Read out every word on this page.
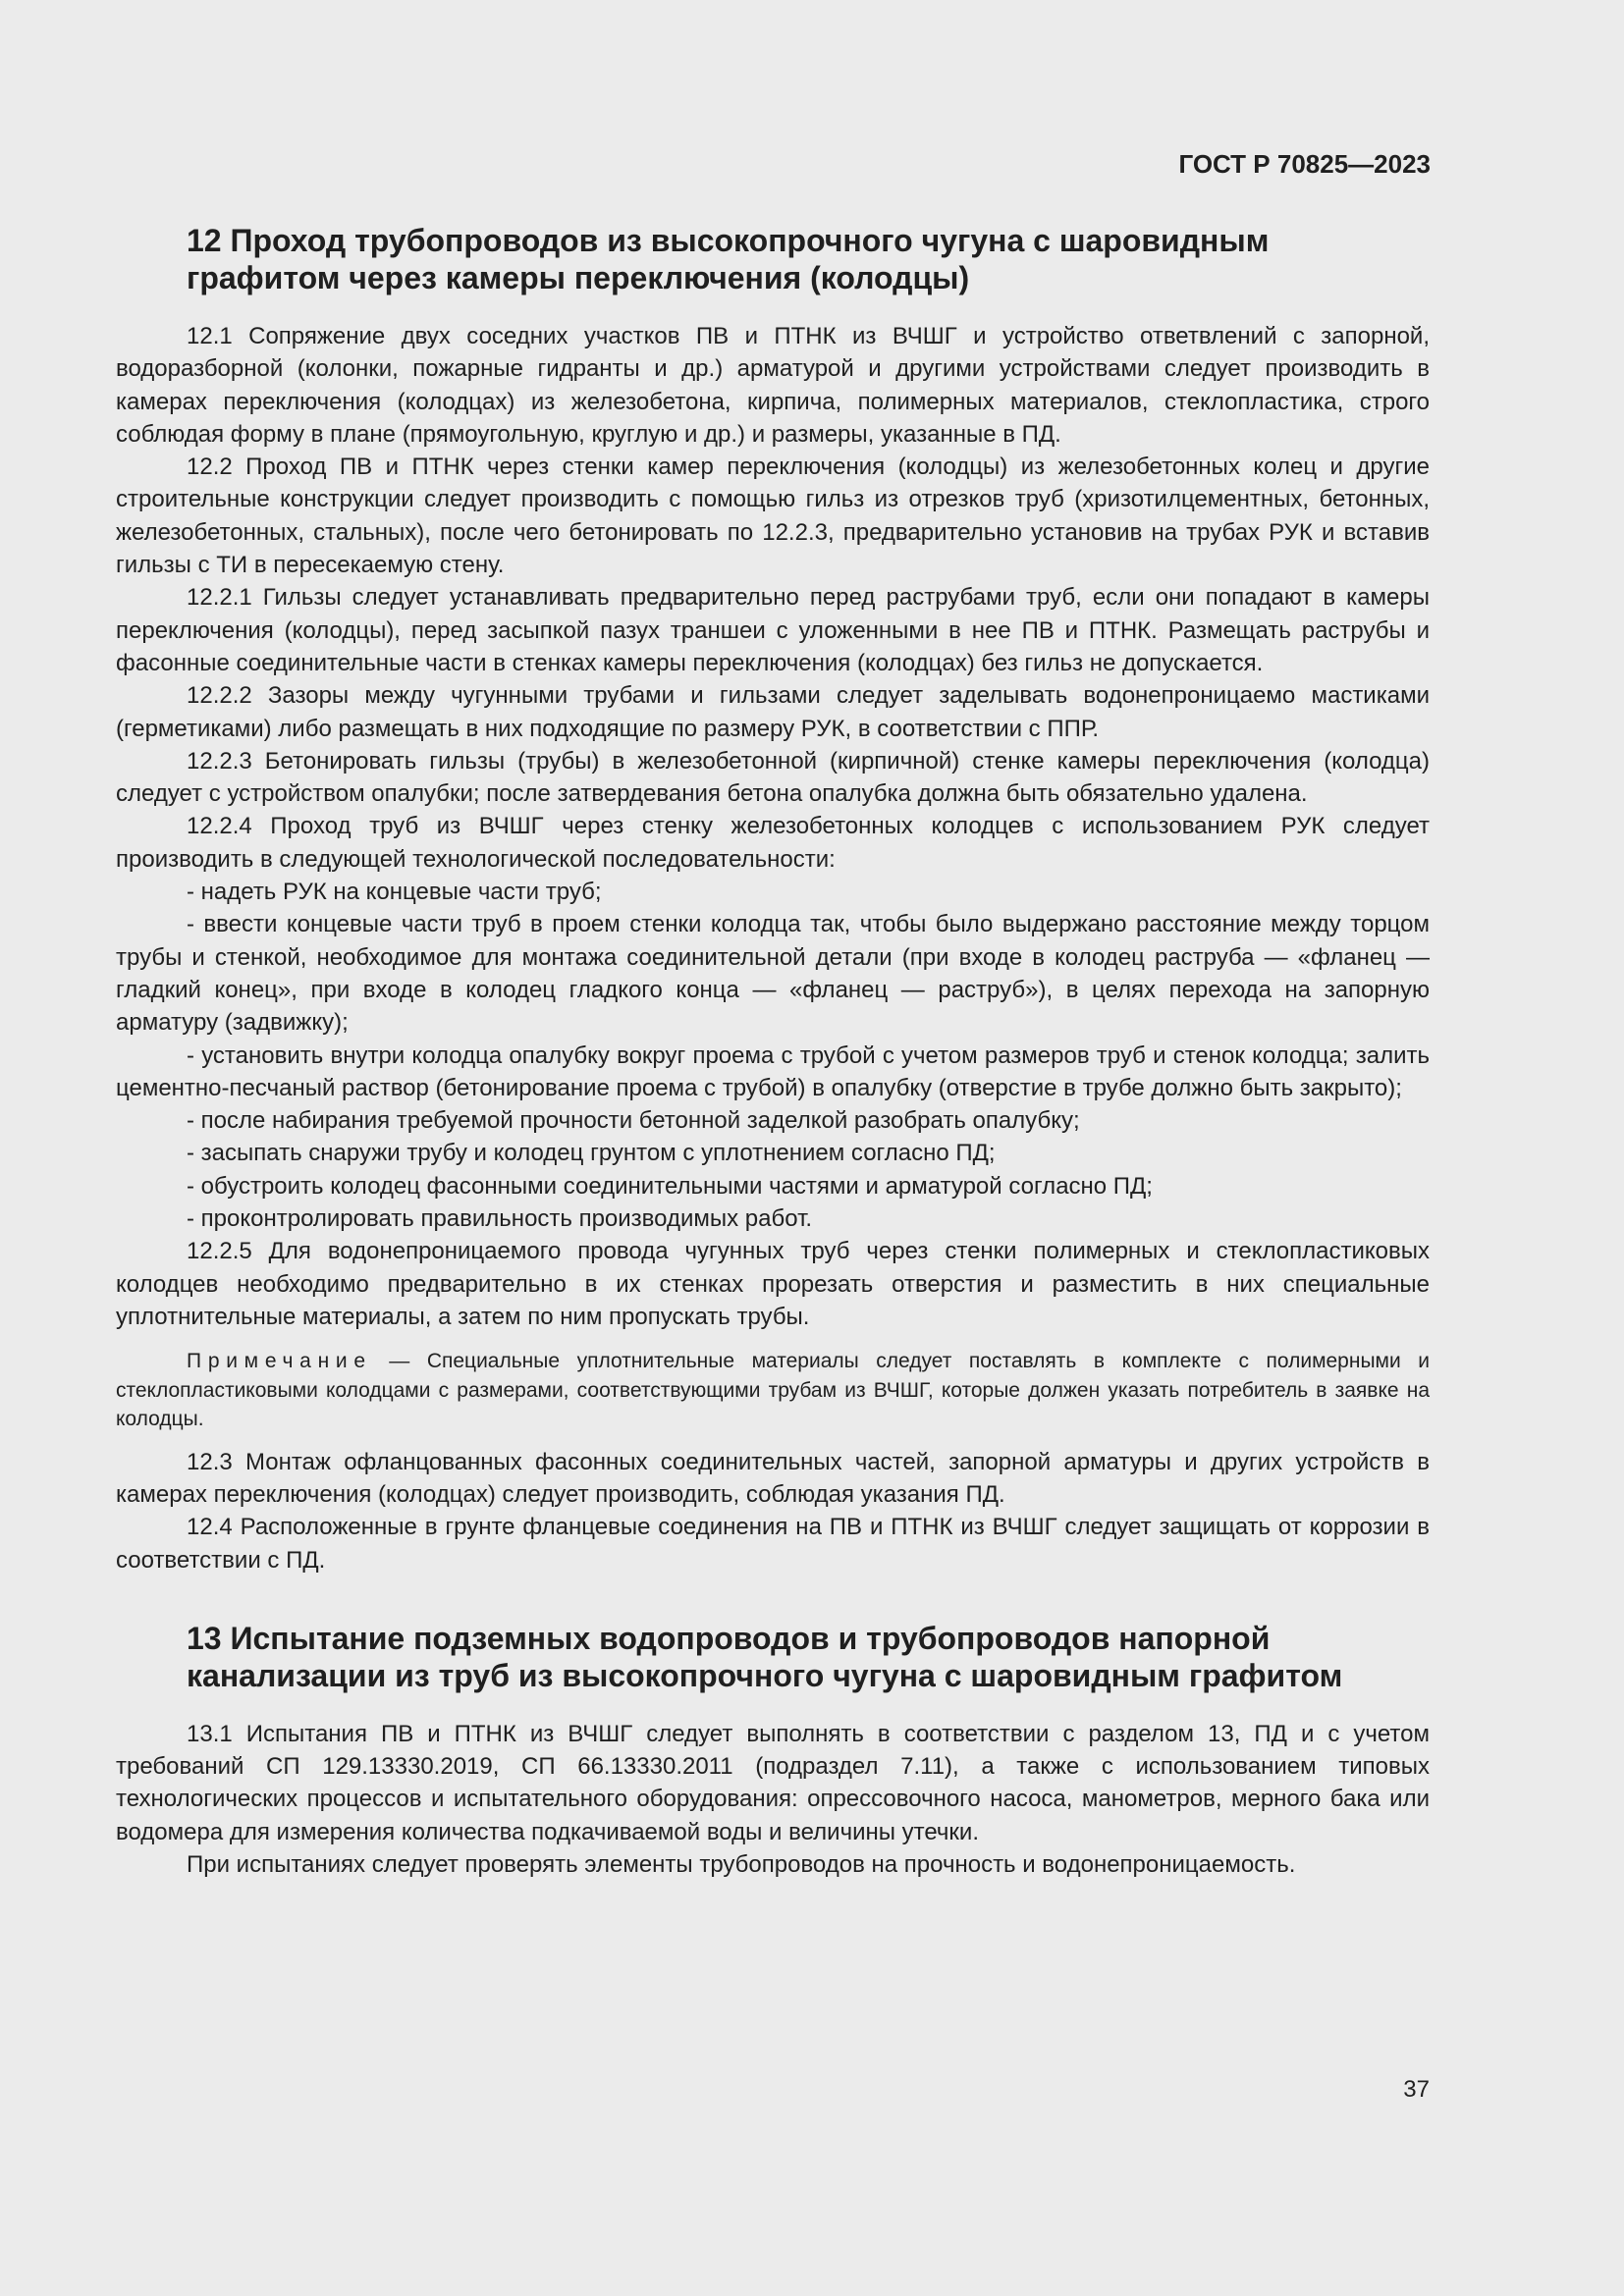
ГОСТ Р 70825—2023
12 Проход трубопроводов из высокопрочного чугуна с шаровидным графитом через камеры переключения (колодцы)

12.1 Сопряжение двух соседних участков ПВ и ПТНК из ВЧШГ и устройство ответвлений с запорной, водоразборной (колонки, пожарные гидранты и др.) арматурой и другими устройствами следует производить в камерах переключения (колодцах) из железобетона, кирпича, полимерных материалов, стеклопластика, строго соблюдая форму в плане (прямоугольную, круглую и др.) и размеры, указанные в ПД.

12.2 Проход ПВ и ПТНК через стенки камер переключения (колодцы) из железобетонных колец и другие строительные конструкции следует производить с помощью гильз из отрезков труб (хризотилцементных, бетонных, железобетонных, стальных), после чего бетонировать по 12.2.3, предварительно установив на трубах РУК и вставив гильзы с ТИ в пересекаемую стену.

12.2.1 Гильзы следует устанавливать предварительно перед раструбами труб, если они попадают в камеры переключения (колодцы), перед засыпкой пазух траншеи с уложенными в нее ПВ и ПТНК. Размещать раструбы и фасонные соединительные части в стенках камеры переключения (колодцах) без гильз не допускается.

12.2.2 Зазоры между чугунными трубами и гильзами следует заделывать водонепроницаемо мастиками (герметиками) либо размещать в них подходящие по размеру РУК, в соответствии с ППР.

12.2.3 Бетонировать гильзы (трубы) в железобетонной (кирпичной) стенке камеры переключения (колодца) следует с устройством опалубки; после затвердевания бетона опалубка должна быть обязательно удалена.

12.2.4 Проход труб из ВЧШГ через стенку железобетонных колодцев с использованием РУК следует производить в следующей технологической последовательности:

- надеть РУК на концевые части труб;

- ввести концевые части труб в проем стенки колодца так, чтобы было выдержано расстояние между торцом трубы и стенкой, необходимое для монтажа соединительной детали (при входе в колодец раструба — «фланец — гладкий конец», при входе в колодец гладкого конца — «фланец — раструб»), в целях перехода на запорную арматуру (задвижку);

- установить внутри колодца опалубку вокруг проема с трубой с учетом размеров труб и стенок колодца; залить цементно-песчаный раствор (бетонирование проема с трубой) в опалубку (отверстие в трубе должно быть закрыто);

- после набирания требуемой прочности бетонной заделкой разобрать опалубку;

- засыпать снаружи трубу и колодец грунтом с уплотнением согласно ПД;

- обустроить колодец фасонными соединительными частями и арматурой согласно ПД;

- проконтролировать правильность производимых работ.

12.2.5 Для водонепроницаемого провода чугунных труб через стенки полимерных и стеклопластиковых колодцев необходимо предварительно в их стенках прорезать отверстия и разместить в них специальные уплотнительные материалы, а затем по ним пропускать трубы.

Примечание — Специальные уплотнительные материалы следует поставлять в комплекте с полимерными и стеклопластиковыми колодцами с размерами, соответствующими трубам из ВЧШГ, которые должен указать потребитель в заявке на колодцы.

12.3 Монтаж офланцованных фасонных соединительных частей, запорной арматуры и других устройств в камерах переключения (колодцах) следует производить, соблюдая указания ПД.

12.4 Расположенные в грунте фланцевые соединения на ПВ и ПТНК из ВЧШГ следует защищать от коррозии в соответствии с ПД.

13 Испытание подземных водопроводов и трубопроводов напорной канализации из труб из высокопрочного чугуна с шаровидным графитом

13.1 Испытания ПВ и ПТНК из ВЧШГ следует выполнять в соответствии с разделом 13, ПД и с учетом требований СП 129.13330.2019, СП 66.13330.2011 (подраздел 7.11), а также с использованием типовых технологических процессов и испытательного оборудования: опрессовочного насоса, манометров, мерного бака или водомера для измерения количества подкачиваемой воды и величины утечки.

При испытаниях следует проверять элементы трубопроводов на прочность и водонепроницаемость.

37
